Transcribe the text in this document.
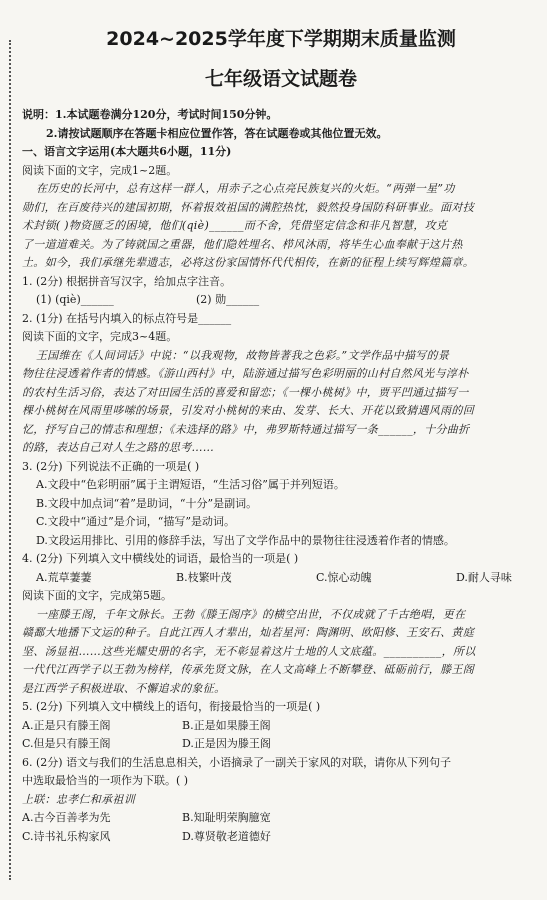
2024~2025学年度下学期期末质量监测
七年级语文试题卷
说明：1.本试题卷满分120分，考试时间150分钟。
2.请按试题顺序在答题卡相应位置作答，答在试题卷或其他位置无效。
一、语言文字运用(本大题共6小题，11分)
阅读下面的文字，完成1~2题。
在历史的长河中，总有这样一群人，用赤子之心点亮民族复兴的火炬。“两弹一星”功
勋们，在百废待兴的建国初期，怀着报效祖国的满腔热忱，毅然投身国防科研事业。面对技
术封锁( )物资匮乏的困境，他们(qiè)______而不舍，凭借坚定信念和非凡智慧，攻克
了一道道难关。为了铸就国之重器，他们隐姓埋名、栉风沐雨，将毕生心血奉献于这片热
土。如今，我们承继先辈遗志，必将这份家国情怀代代相传，在新的征程上续写辉煌篇章。
1. (2分) 根据拼音写汉字，给加点字注音。
(1) (qiè)______	(2) 勋______
2. (1分) 在括号内填入的标点符号是______
阅读下面的文字，完成3~4题。
王国维在《人间词话》中说：“以我观物，故物皆著我之色彩。”文学作品中描写的景
物往往浸透着作者的情感。《游山西村》中，陆游通过描写色彩明丽的山村自然风光与淳朴
的农村生活习俗，表达了对田园生活的喜爱和留恋；《一棵小桃树》中，贾平凹通过描写一
棵小桃树在风雨里哆嗦的场景，引发对小桃树的来由、发芽、长大、开花以致猜遇风雨的回
忆，抒写自己的情志和理想；《未选择的路》中，弗罗斯特通过描写一条______，十分曲折
的路，表达自己对人生之路的思考……
3. (2分) 下列说法不正确的一项是( )
A.文段中“色彩明丽”属于主谓短语，“生活习俗”属于并列短语。
B.文段中加点词“着”是助词，“十分”是副词。
C.文段中“通过”是介词，“描写”是动词。
D.文段运用排比、引用的修辞手法，写出了文学作品中的景物往往浸透着作者的情感。
4. (2分) 下列填入文中横线处的词语，最恰当的一项是( )
A.荒草萋萋	B.枝繁叶茂	C.惊心动魄	D.耐人寻味
阅读下面的文字，完成第5题。
一座滕王阁，千年文脉长。王勃《滕王阁序》的横空出世，不仅成就了千古绝唱，更在
赣鄱大地播下文运的种子。自此江西人才辈出，灿若星河：陶渊明、欧阳修、王安石、黄庭
坚、汤显祖……这些光耀史册的名字，无不彰显着这片土地的人文底蕴。__________，所以
一代代江西学子以王勃为榜样，传承先贤文脉，在人文高峰上不断攀登、砥砺前行，滕王阁
是江西学子积极进取、不懈追求的象征。
5. (2分) 下列填入文中横线上的语句，衔接最恰当的一项是( )
A.正是只有滕王阁	B.正是如果滕王阁
C.但是只有滕王阁	D.正是因为滕王阁
6. (2分) 语文与我们的生活息息相关，小语摘录了一副关于家风的对联，请你从下列句子
中选取最恰当的一项作为下联。( )
上联：忠孝仁和承祖训
A.古今百善孝为先	B.知耻明荣胸臆宽
C.诗书礼乐构家风	D.尊贤敬老道德好
